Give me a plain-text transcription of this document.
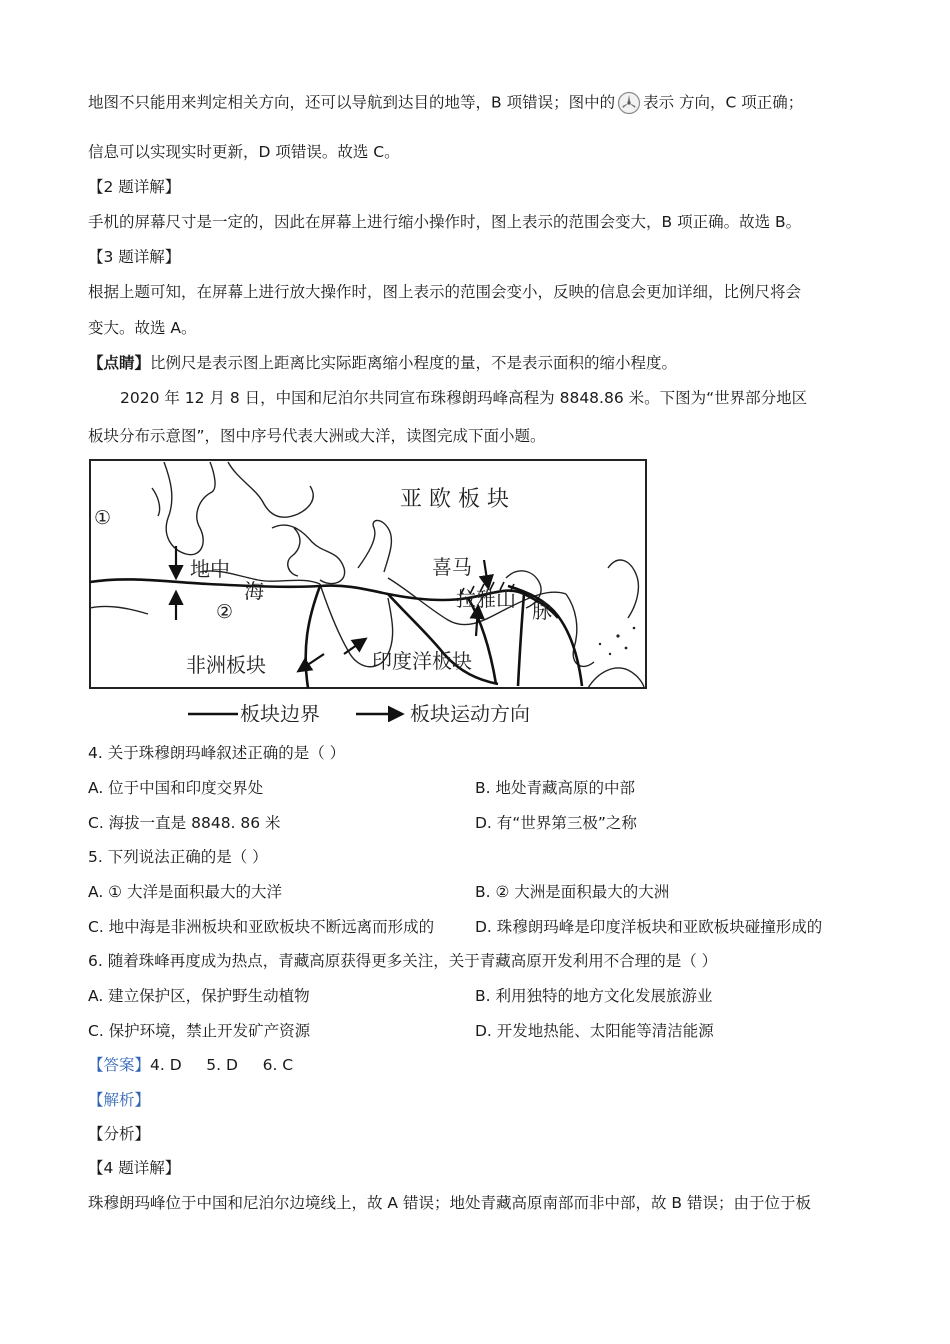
地图不只能用来判定相关方向，还可以导航到达目的地等，B 项错误；图中的 表示 方向，C 项正确；
信息可以实现实时更新，D 项错误。故选 C。
【2 题详解】
手机的屏幕尺寸是一定的，因此在屏幕上进行缩小操作时，图上表示的范围会变大，B 项正确。故选 B。
【3 题详解】
根据上题可知，在屏幕上进行放大操作时，图上表示的范围会变小，反映的信息会更加详细，比例尺将会
变大。故选 A。
【点睛】比例尺是表示图上距离比实际距离缩小程度的量，不是表示面积的缩小程度。
2020 年 12 月 8 日，中国和尼泊尔共同宣布珠穆朗玛峰高程为 8848.86 米。下图为“世界部分地区
板块分布示意图”，图中序号代表大洲或大洋，读图完成下面小题。
亚 欧 板 块
①
②
地中
海
喜马
拉雅山 脉
非洲板块	印度洋板块
板块边界	板块运动方向
4. 关于珠穆朗玛峰叙述正确的是（ ）
A. 位于中国和印度交界处	B. 地处青藏高原的中部
C. 海拔一直是 8848. 86 米	D. 有“世界第三极”之称
5. 下列说法正确的是（ ）
A. ① 大洋是面积最大的大洋	B. ② 大洲是面积最大的大洲
C. 地中海是非洲板块和亚欧板块不断远离而形成的	D. 珠穆朗玛峰是印度洋板块和亚欧板块碰撞形成的
6. 随着珠峰再度成为热点，青藏高原获得更多关注，关于青藏高原开发利用不合理的是（ ）
A. 建立保护区，保护野生动植物	B. 利用独特的地方文化发展旅游业
C. 保护环境，禁止开发矿产资源	D. 开发地热能、太阳能等清洁能源
【答案】4. D     5. D     6. C
【解析】
【分析】
【4 题详解】
珠穆朗玛峰位于中国和尼泊尔边境线上，故 A 错误；地处青藏高原南部而非中部，故 B 错误；由于位于板
